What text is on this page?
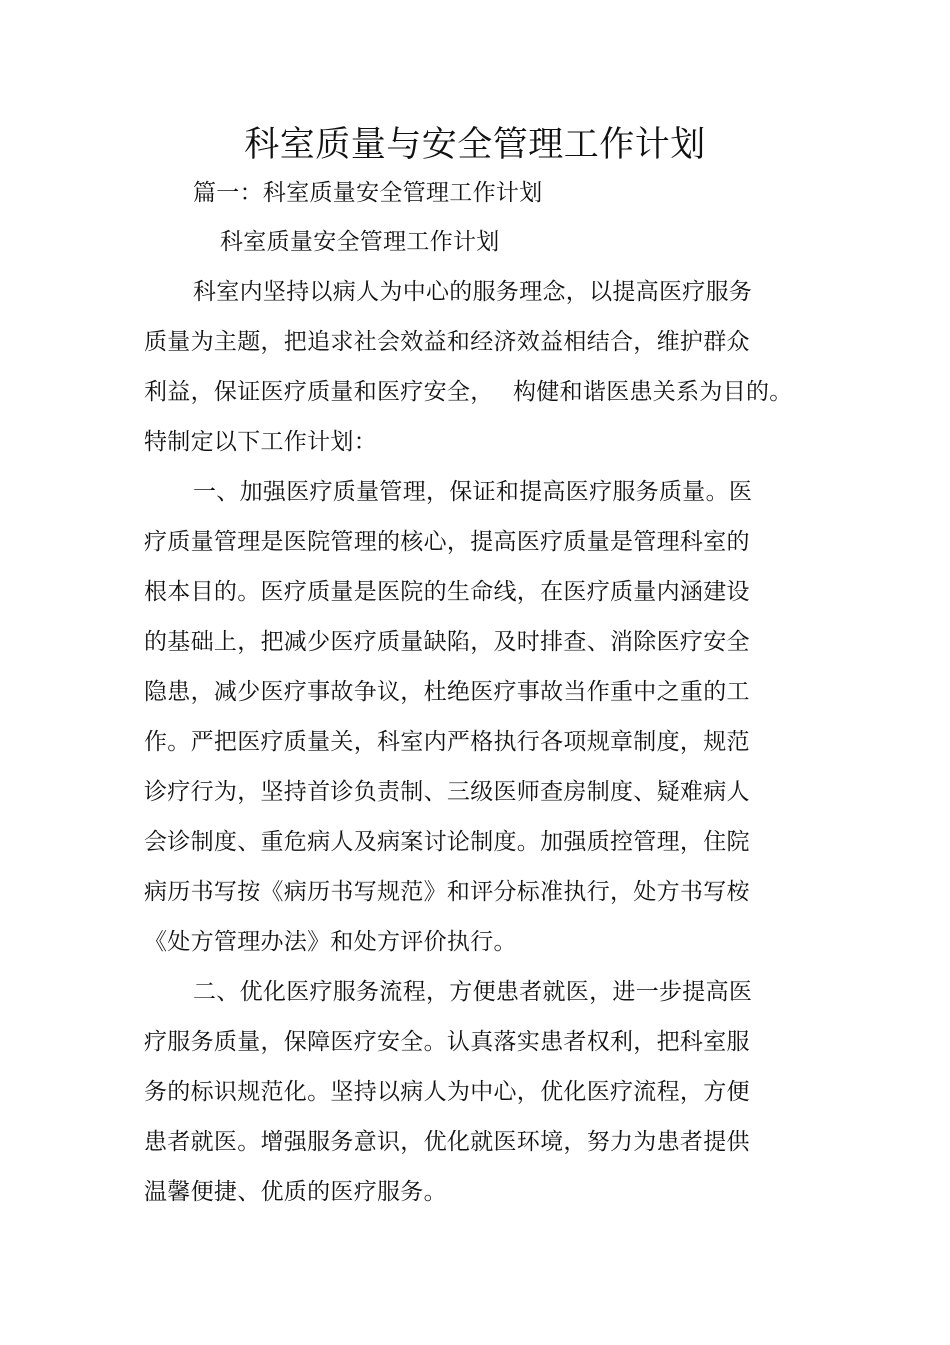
科室质量与安全管理工作计划
篇一：科室质量安全管理工作计划
科室质量安全管理工作计划
科室内坚持以病人为中心的服务理念，以提高医疗服务
质量为主题，把追求社会效益和经济效益相结合，维护群众
利益，保证医疗质量和医疗安全， 构健和谐医患关系为目的。
特制定以下工作计划：
一、加强医疗质量管理，保证和提高医疗服务质量。医
疗质量管理是医院管理的核心，提高医疗质量是管理科室的
根本目的。医疗质量是医院的生命线，在医疗质量内涵建设
的基础上，把减少医疗质量缺陷，及时排查、消除医疗安全
隐患，减少医疗事故争议，杜绝医疗事故当作重中之重的工
作。严把医疗质量关，科室内严格执行各项规章制度，规范
诊疗行为，坚持首诊负责制、三级医师查房制度、疑难病人
会诊制度、重危病人及病案讨论制度。加强质控管理，住院
病历书写按《病历书写规范》和评分标准执行，处方书写桉
《处方管理办法》和处方评价执行。
二、优化医疗服务流程，方便患者就医，进一步提高医
疗服务质量，保障医疗安全。认真落实患者权利，把科室服
务的标识规范化。坚持以病人为中心，优化医疗流程，方便
患者就医。增强服务意识，优化就医环境，努力为患者提供
温馨便捷、优质的医疗服务。
